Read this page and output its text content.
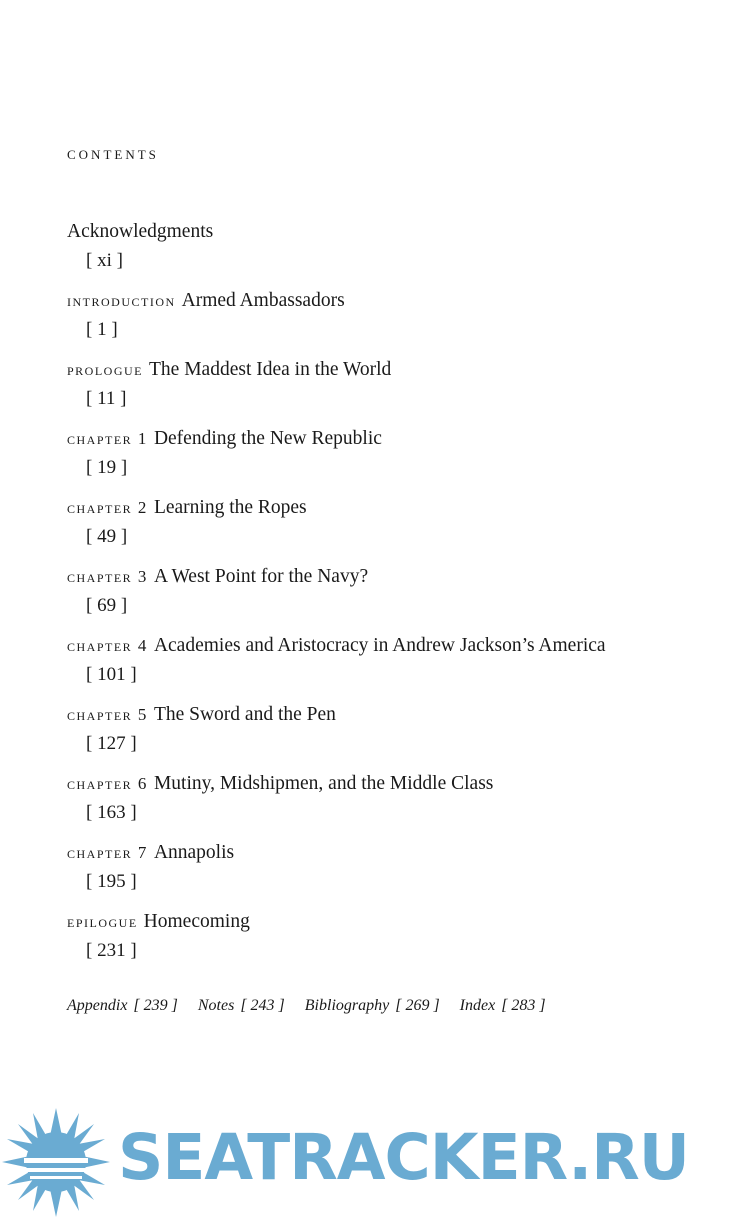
contents
Acknowledgments
[ xi ]
introduction Armed Ambassadors
[ 1 ]
prologue The Maddest Idea in the World
[ 11 ]
chapter 1 Defending the New Republic
[ 19 ]
chapter 2 Learning the Ropes
[ 49 ]
chapter 3 A West Point for the Navy?
[ 69 ]
chapter 4 Academies and Aristocracy in Andrew Jackson’s America
[ 101 ]
chapter 5 The Sword and the Pen
[ 127 ]
chapter 6 Mutiny, Midshipmen, and the Middle Class
[ 163 ]
chapter 7 Annapolis
[ 195 ]
epilogue Homecoming
[ 231 ]
Appendix [ 239 ] Notes [ 243 ] Bibliography [ 269 ] Index [ 283 ]
SEATRACKER.RU
